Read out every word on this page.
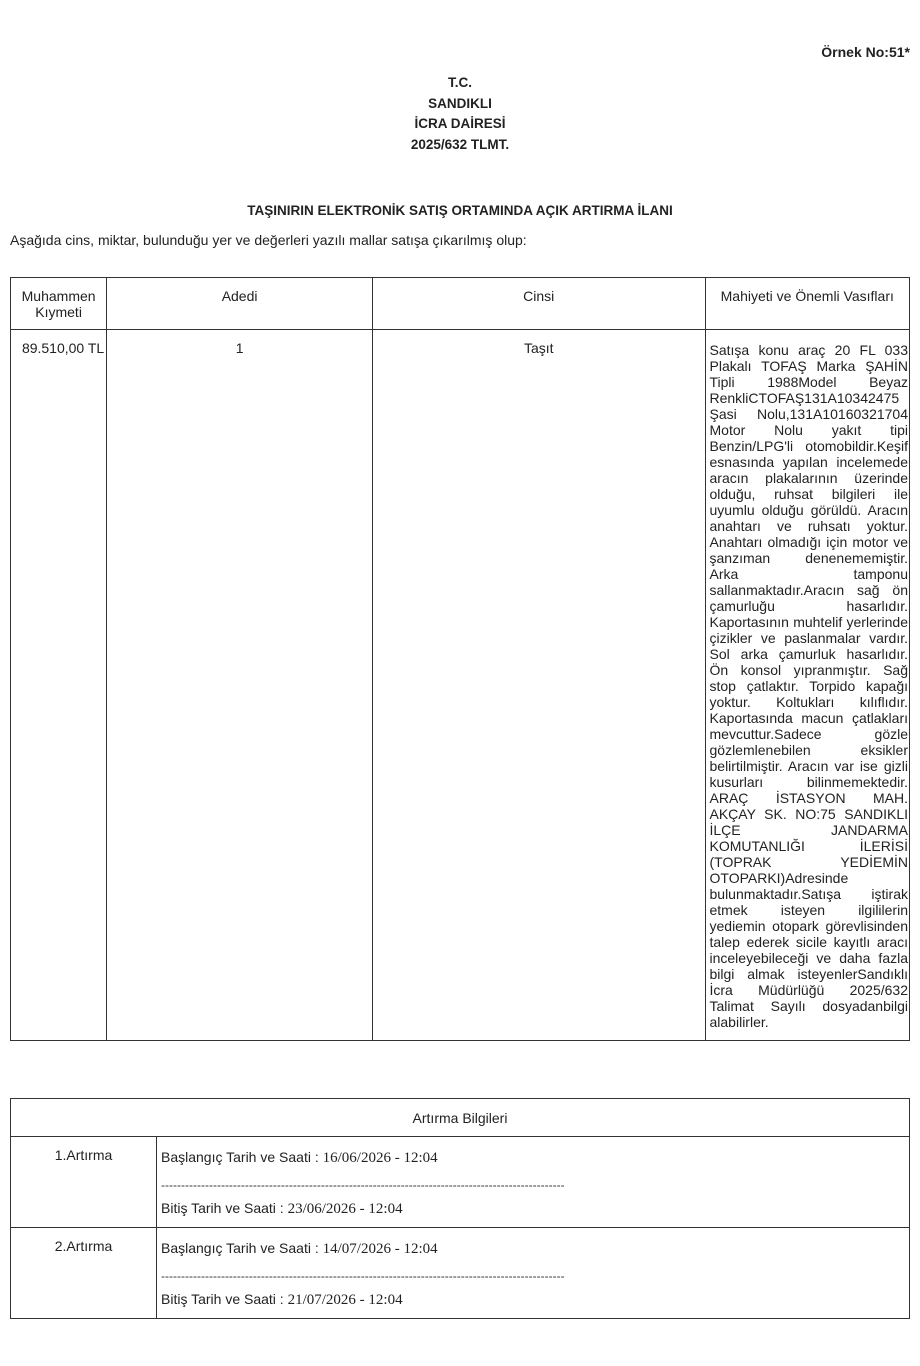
Örnek No:51*
T.C.
SANDIKLI
İCRA DAİRESİ
2025/632 TLMT.
TAŞINIRIN ELEKTRONİK SATIŞ ORTAMINDA AÇIK ARTIRMA İLANI
Aşağıda cins, miktar, bulunduğu yer ve değerleri yazılı mallar satışa çıkarılmış olup:
Muhammen Kıymeti	Adedi	Cinsi	Mahiyeti ve Önemli Vasıfları
89.510,00 TL	1	Taşıt	Satışa konu araç 20 FL 033 Plakalı TOFAŞ Marka ŞAHİN Tipli 1988Model Beyaz RenkliCTOFAŞ131A10342475 Şasi Nolu,131A10160321704 Motor Nolu yakıt tipi Benzin/LPG'li otomobildir.Keşif esnasında yapılan incelemede aracın plakalarının üzerinde olduğu, ruhsat bilgileri ile uyumlu olduğu görüldü. Aracın anahtarı ve ruhsatı yoktur. Anahtarı olmadığı için motor ve şanzıman denenememiştir. Arka tamponu sallanmaktadır.Aracın sağ ön çamurluğu hasarlıdır. Kaportasının muhtelif yerlerinde çizikler ve paslanmalar vardır. Sol arka çamurluk hasarlıdır. Ön konsol yıpranmıştır. Sağ stop çatlaktır. Torpido kapağı yoktur. Koltukları kılıflıdır. Kaportasında macun çatlakları mevcuttur.Sadece gözle gözlemlenebilen eksikler belirtilmiştir. Aracın var ise gizli kusurları bilinmemektedir. ARAÇ İSTASYON MAH. AKÇAY SK. NO:75 SANDIKLI İLÇE JANDARMA KOMUTANLIĞI İLERİSİ (TOPRAK YEDİEMİN OTOPARKI)Adresinde bulunmaktadır.Satışa iştirak etmek isteyen ilgililerin yediemin otopark görevlisinden talep ederek sicile kayıtlı aracı inceleyebileceği ve daha fazla bilgi almak isteyenlerSandıklı İcra Müdürlüğü 2025/632 Talimat Sayılı dosyadanbilgi alabilirler.
Artırma Bilgileri	
1.Artırma	Başlangıç Tarih ve Saati : 16/06/2026 - 12:04
-----------------------------------------------------------------------------------------------------
Bitiş Tarih ve Saati : 23/06/2026 - 12:04

2.Artırma	Başlangıç Tarih ve Saati : 14/07/2026 - 12:04
-----------------------------------------------------------------------------------------------------
Bitiş Tarih ve Saati : 21/07/2026 - 12:04
